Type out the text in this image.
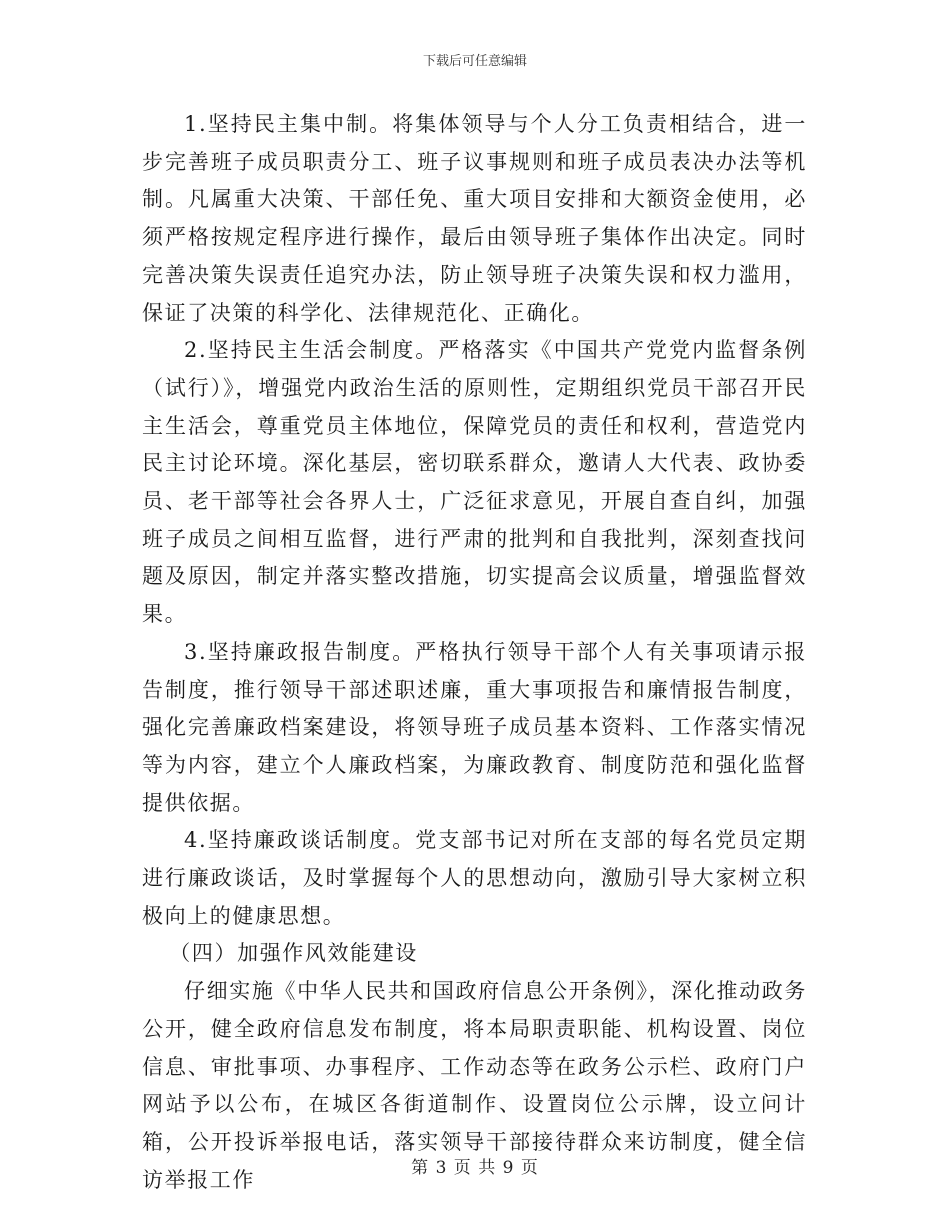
下载后可任意编辑

1.坚持民主集中制。将集体领导与个人分工负责相结合，进一步完善班子成员职责分工、班子议事规则和班子成员表决办法等机制。凡属重大决策、干部任免、重大项目安排和大额资金使用，必须严格按规定程序进行操作，最后由领导班子集体作出决定。同时完善决策失误责任追究办法，防止领导班子决策失误和权力滥用，保证了决策的科学化、法律规范化、正确化。

2.坚持民主生活会制度。严格落实《中国共产党党内监督条例（试行）》，增强党内政治生活的原则性，定期组织党员干部召开民主生活会，尊重党员主体地位，保障党员的责任和权利，营造党内民主讨论环境。深化基层，密切联系群众，邀请人大代表、政协委员、老干部等社会各界人士，广泛征求意见，开展自查自纠，加强班子成员之间相互监督，进行严肃的批判和自我批判，深刻查找问题及原因，制定并落实整改措施，切实提高会议质量，增强监督效果。

3.坚持廉政报告制度。严格执行领导干部个人有关事项请示报告制度，推行领导干部述职述廉，重大事项报告和廉情报告制度，强化完善廉政档案建设，将领导班子成员基本资料、工作落实情况等为内容，建立个人廉政档案，为廉政教育、制度防范和强化监督提供依据。

4.坚持廉政谈话制度。党支部书记对所在支部的每名党员定期进行廉政谈话，及时掌握每个人的思想动向，激励引导大家树立积极向上的健康思想。

（四）加强作风效能建设

仔细实施《中华人民共和国政府信息公开条例》，深化推动政务公开，健全政府信息发布制度，将本局职责职能、机构设置、岗位信息、审批事项、办事程序、工作动态等在政务公示栏、政府门户网站予以公布，在城区各街道制作、设置岗位公示牌，设立问计箱，公开投诉举报电话，落实领导干部接待群众来访制度，健全信访举报工作	第 3 页 共 9 页
